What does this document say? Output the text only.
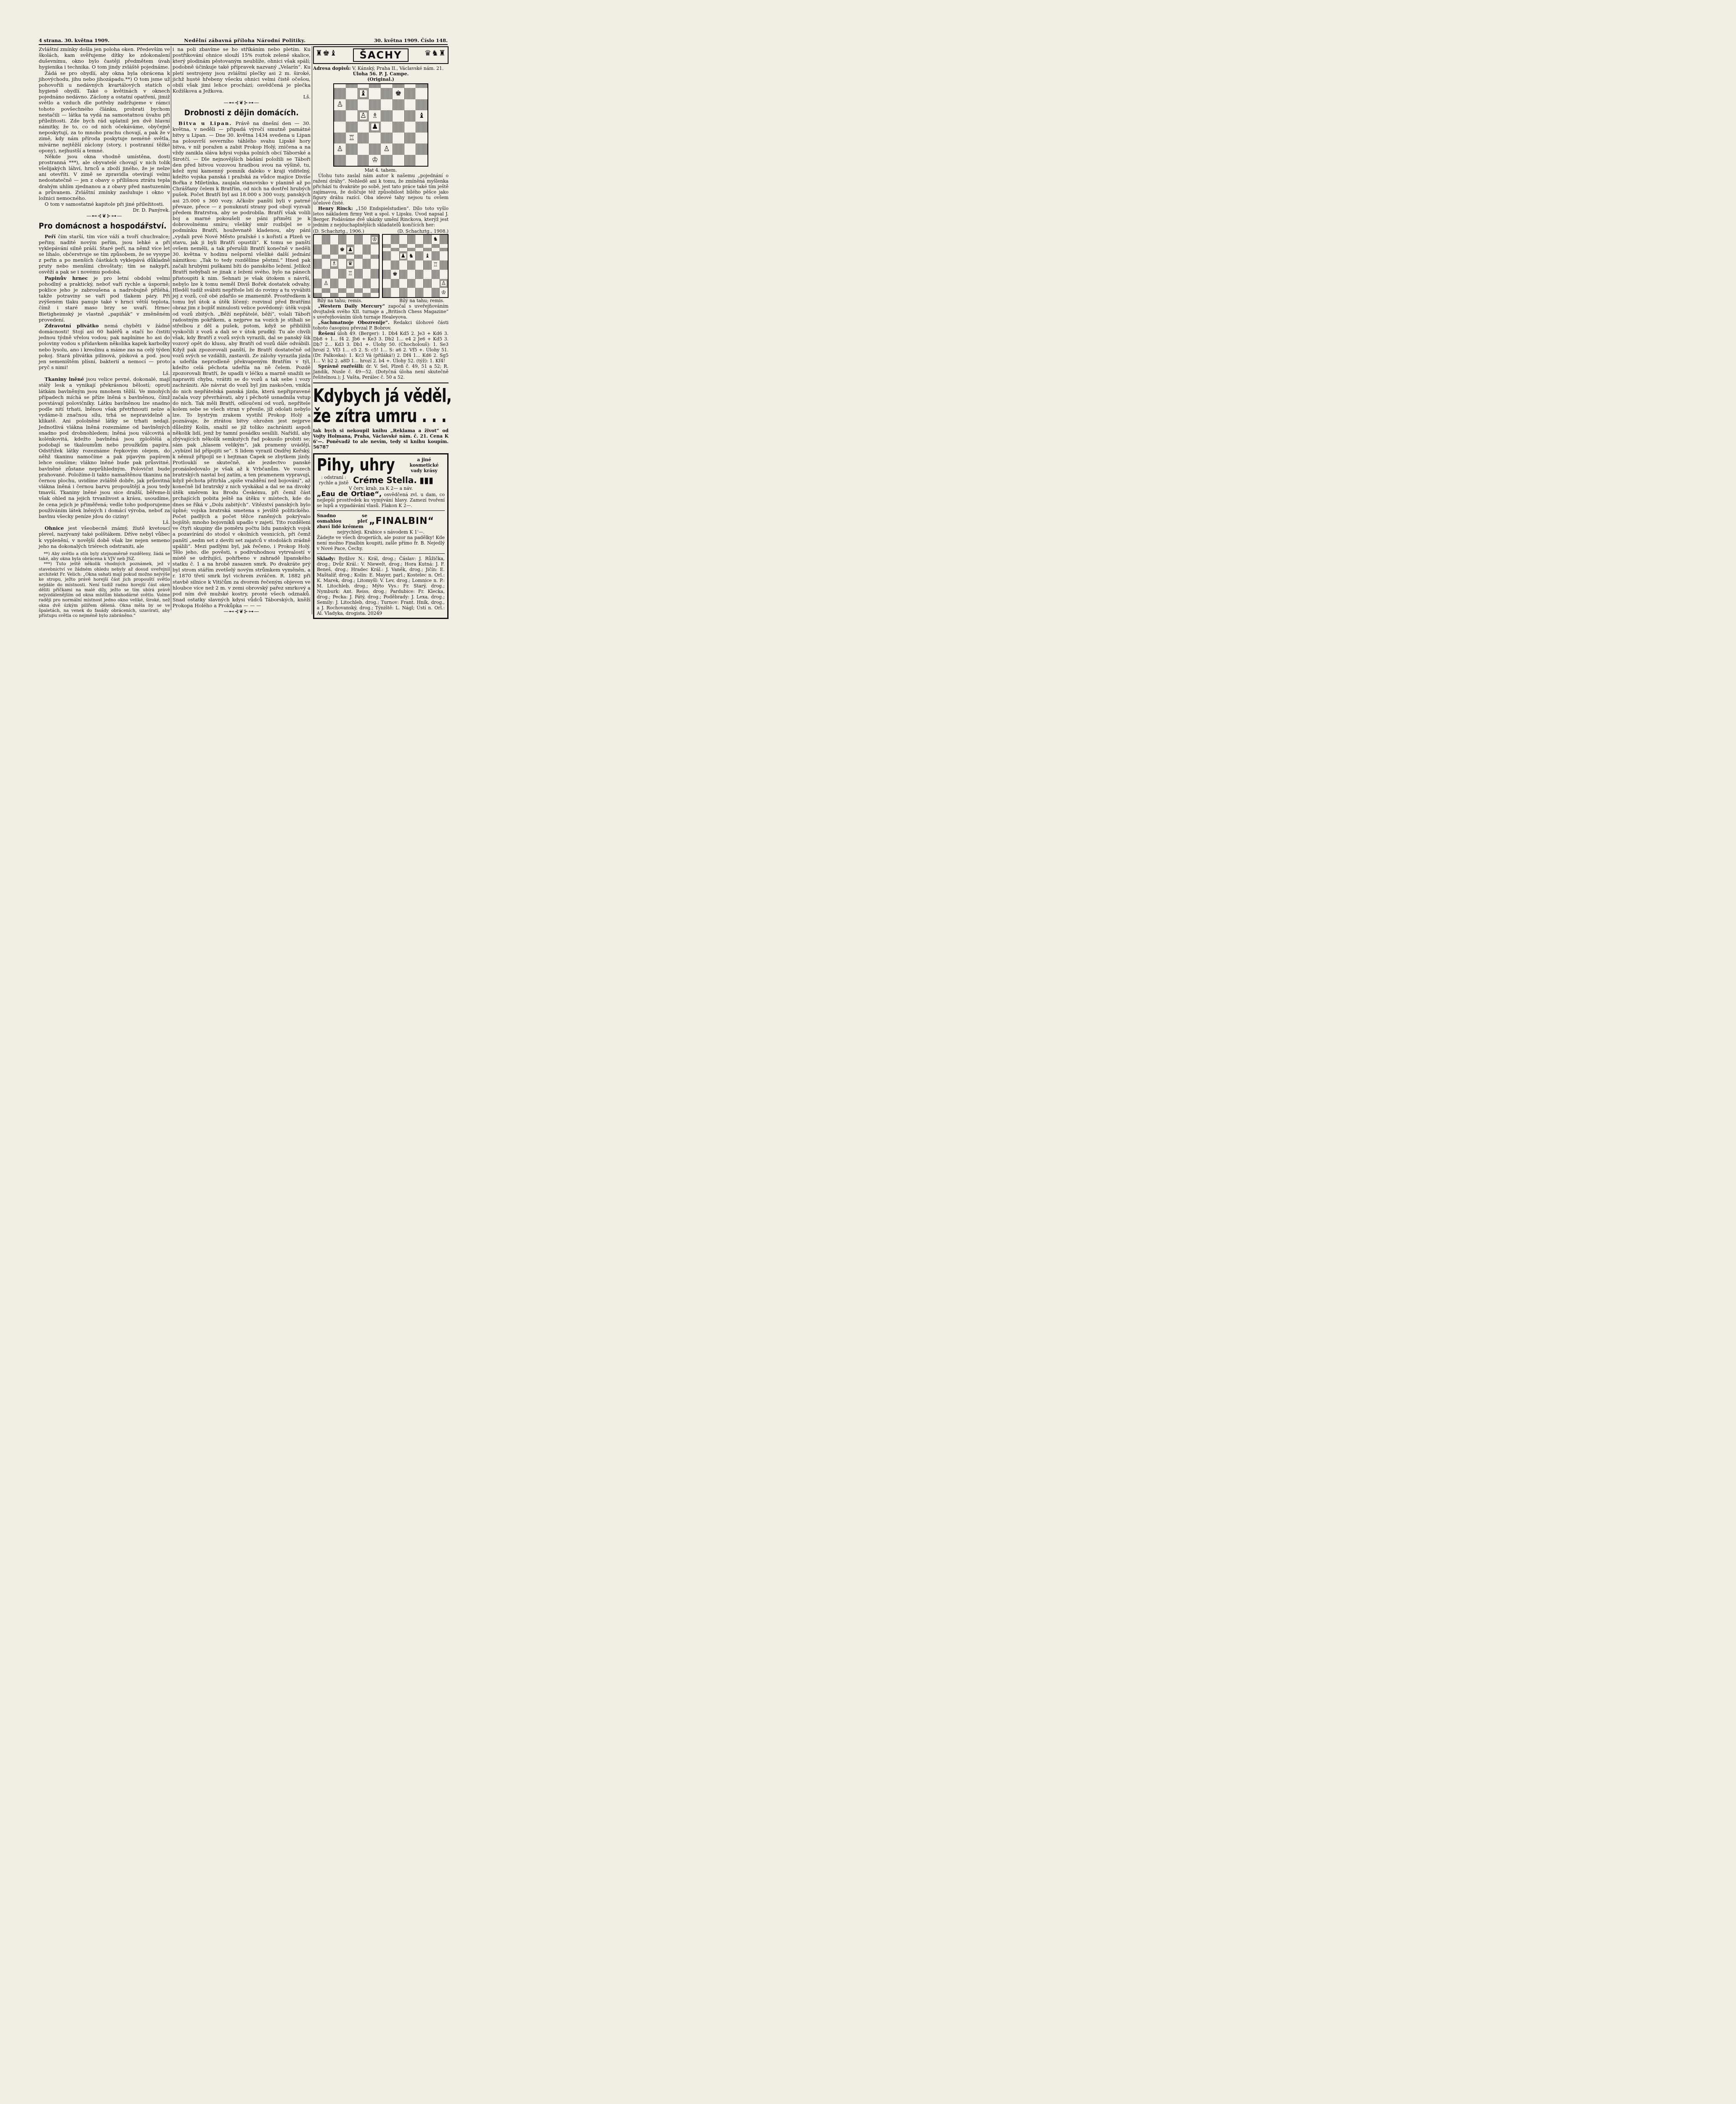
4 strana. 30. května 1909.	Nedělní zábavná příloha Národní Politiky.	30. května 1909. Číslo 148.

Zvláštní zmínky došla jen poloha oken. Především ve školách, kam svěřujeme dítky ke zdokonalení duševnímu, okno bylo častěji předmětem úvah hygienika i technika. O tom jindy zvláště pojednáme.

Žádá se pro obydlí, aby okna byla obrácena k jihovýchodu, jihu nebo jihozápadu.**) O tom jsme už pohovořili u nedávných kvartálových statích o hygieně obydlí. Také o květinách v oknech pojednáno nedávno. Záclony a ostatní opatření, jimiž světlo a vzduch dle potřeby zadržujeme v rámci tohoto povšechného článku, probrati bychom nestačili — látka ta vydá na samostatnou úvahu při příležitosti. Zde bych rád uplatnil jen dvě hlavní námitky, že to, co od nich očekáváme, obyčejně neposkytují, za to mnoho prachu chovají, a pak že v zimě, kdy nám příroda poskytuje neméně světla, mívárne nejtěžší záclony (story, i postranní těžké opony), nejhustší a temné.

Někde jsou okna vhodně umístěna, dosti prostranná ***), ale obyvatelé chovají v nich tolik všelijakých láhví, hrnců a zboží jiného, že je nelze ani otevříti. V zimě se zpravidla otevírají velmi nedostatečně — jen z obavy o přílišnou ztrátu tepla drahým uhlím zjednanou a z obavy před nastuzením a průvanem. Zvláštní zmínky zasluhuje i okno v ložnici nemocného.

O tom v samostatné kapitole při jiné příležitosti.

Dr. D. Panýrek.

—⊷⊰❦⊱⊶—

Pro domácnost a hospodářství.

Peří čím starší, tím více váží a tvoří chuchvalce; peřiny, nadité novým peřím, jsou lehké a při vyklepávání silně práší. Staré peří, na němž více let se lihalo, občerstvuje se tím způsobem, že se vysype z peřin a po menších částkách vyklepává důkladně pruty nebo menšími chvoštaty; tím se nakypří, osvěží a pak se i novému podobá.

Papinův hrnec je pro letní období velmi pohodlný a praktický, neboť vaří rychle a úsporně; poklice jeho je zabroušena a nadrobujně přiléhá, takže potraviny se vaří pod tlakem páry. Při zvýšeném tlaku panuje také v hrnci větší teplota, čímž i staré maso brzy se uvaří. Hrnec Bietigheimský je vlastně „papiňák“ v změněném provedení.

Zdravotní plivátko nemá chyběti v žádné domácnosti! Stojí asi 60 haléřů a stačí ho čistiti jednou týdně vřelou vodou; pak naplníme ho asi do poloviny vodou s přídavkem několika kapek karbolky nebo lysolu, ano i kreolinu a máme zas na celý týden pokoj. Stará plivátka pilinová, písková a pod. jsou jen semeništěm plísní, bakterií a nemocí — proto pryč s nimi!

Lš.

Tkaniny lněné jsou velice pevné, dokonalé, mají stálý lesk a vynikají překrásnou bělostí; oproti látkám bavlněným jsou mnohem těžší. Ve mnohých případech míchá se příze lněná s bavlněnou, čímž povstávají polovičníky. Látku bavlněnou lze snadno podle nití trhati, lněnou však přetrhnouti nelze a vydáme-li značnou sílu, trhá se nepravidelně a klikatě. Ani pololněné látky se trhati nedají. Jednotlivá vlákna lněná rozeznáme od bavlněných snadno pod drobnohledem; lněná jsou válcovitá a kolénkovitá, kdežto bavlněná jsou zploštělá a podobají se tkaloumům nebo proužkům papíru. Odstřižek látky rozeznáme řepkovým olejem, do něhž tkaninu namočíme a pak pijavým papírem lehce osušíme; vlákno lněné bude pak průsvitné, bavlněné zůstane neprůhledným. Polovičnt bude prahované. Položíme-li takto namaštěnou tkaninu na černou plochu, uvidíme zvláště dobře, jak průsvitná vlákna lněná i černou barvu propouštějí a jsou tedy tmavší. Tkaniny lněné jsou sice dražší, běřeme-li však ohled na jejich trvanlivost a krásu, usoudíme, že cena jejich je přiměřená; vedle toho podporujeme používáním látek lněných i domácí výroba, neboť za bavlnu všecky peníze jdou do ciziny!

Lš.

Ohnice jest všeobecně známý, žlutě kvetoucí plevel, nazývaný také polštákem. Dříve nebyl vůbec k vyplenění, v novější době však lze nejen semeno jeho na dokonalých triérech odstraniti, ale

**) Aby světlo a stín byly stejnoměrně rozděleny, žádá se také, aby okna byla obrácena k VJV neb JSZ.

***) Tuto ještě několik vhodných poznámek, jež v stavebnictví ve žádném ohledu nebyly až dosud uveřejnil architekt Fr. Velich: „Okna sahati mají pokud možno nejvýše ke stropu, ježto právě horejší část jich propouští světlo nejdále do místnosti. Není tudíž radno horejší část oken děliti příčkami na malé díly, ježto se tím ubírá právě nejvzdálenějším od okna místům blahodárné světlo. Volme raději pro normální místnost jedno okno veliké, široké, než okna dvě úzkým pilířem dělená. Okna měla by se ve špaletách, na venek do fasády obráceních, uzavírati, aby přístupu světla co nejméně bylo zabráněno.“

i na poli zbavíme se ho stříkáním nebo pletím. Ku postřikování ohnice slouží 15% roztok zelené skalice, který plodinám pěstovaným neublíže, ohnici však spálí; podobně účinkuje také přípravek nazvaný „Velarín“. Ku pletí sestrojeny jsou zvláštní plečky asi 2 m. široké, jichž husté hřebeny všecku ohnici velmi čistě očešou, obilí však jimi lehce prochází; osvědčená je plečka Kožiškova a Ježkova.

Lš.

—⊷⊰❦⊱⊶—

Drobnosti z dějin domácích.

Bitva u Lipan. Právě na dnešní den — 30. května, v neděli — připadá výročí smutně památné bitvy u Lipan. — Dne 30. května 1434 svedena u Lipan na polouvrší severního táhlého svahu Lipské hory bitva, v níž poražen a zabit Prokop Holý, zničena a na vždy zanikla sláva kdysi vojska polních obcí Táborské a Sirotčí. — Dle nejnovějších bádání položili se Táboři den před bitvou vozovou hradbou svou na výšině, tu, kdež nyní kamenný pomník daleko v kraji viditelný, kdežto vojska panská i pražská za vůdce majíce Diviše Bořka z Miletínka, zaujala stanovisko v planině až po Chrášťany čelem k Bratřím, od nich na dostřel hrubých pušek. Počet Bratří byl asi 18.000 s 300 vozy, panských asi 25.000 s 360 vozy. Ačkoliv panští byli v patrné převaze, přece — z ponuknutí strany pod obojí vyzvali předem Bratrstva, aby se podrobila. Bratří však volili boj a marné pokoušeli se páni přiměti je k dobrovolnému smíru; všeliký smír rozbíjel se o podmínku Bratří, houževnatě kladenou, aby páni „vydali prvé Nové Město pražské i s kořistí a Plzeň ve stavu, jak ji byli Bratří opustili“. K tomu se panští ovšem neměli, a tak přerušili Bratří konečně v neděli 30. května v hodinu nešpornl všeliké další jednání námitkou: „Tak to tedy rozdělíme pěstmi.“ Hned pak začali hrubými puškami bíti do panského ležení. Jelikož Bratří nebýbali se jinak z ležení svého, bylo na pánech přistoupiti k nim. Sehnati je však útokem s návrší, nebylo lze k tomu neměl Diviš Bořek dostatek odvahy. Hleděl tudíž svábiti nepřítele lstí do roviny a tu vyvábiti jej z vozů, což obé zdařilo se znamenitě. Prostředkem k tomu byl útok a útěk líčený; rozvinul před Bratřími obraz jim z bojišť minulosti velice povědomý: útěk vojsk od vozů zbitých. „Běží nepřátelé, běží“, volali Táboři radostným pokřikem, a nejprve na vozích je stíhali se střelbou z děl a pušek, potom, když se přiblížili vyskočili z vozů a dali se v útok prudký. Tu ale chvíli však, kdy Bratří z vozů svých vyrazili, dal se panský šik vozový opět do klusu, aby Bratři od vozů dále odvábili. Když pak zpozorovali panští, že Bratří dostatečně od vozů svých se vzdálili, zastavili. Ze zálohy vyrazila jízda a udeřila neprodleně překvapeným Bratřím v týl, kdežto celá pěchota udeřila na ně čelem. Pozdě zpozorovali Bratří, že upadli v léčku a marně snažili se napraviti chybu, vrátiti se do vozů a tak sebe i vozy zachrániti. Ale návrat do vozů byl jim zaskočen, vnikla do nich nepřátelská panská jízda, která nepřipravené začala vozy převrhávati, aby i pěchotě usnadnila vstup do nich. Tak měli Bratří, odloučení od vozů, nepřítele kolem sebe se všech stran v přesile, jíž odolati nebylo lze. To bystrým zrakem vystihl Prokop Holý a poznávaje, že ztrátou bitvy ohrožen jest nejprve důležitý Kolín, snažil se jíž toliko zachrániti aspoň několik lidí, jenž by tamní posádku sesílili. Nařídil, aby zbývajících několik semkutých řad pokusilo probiti se; sám pak „hlasem velikým“, jak prameny uvádějí, „vybízel lid přípojiti se“. S lidem vyrazil Ondřej Keřský, k němuž připojil se i hejtman Čapek se zbytkem jízdy. Protlouklí se skutečně, ale jezdectvo panské pronásledovalo je však až k Vrbčanům. Ve vozech bratrských nastal boj zatím, a ten pramenem vypravují, když pěchota přitrhla „spíše vraždění než bojování“, až konečně lid bratrský z nich vyskákal a dal se na divoký útěk směrem ku Brodu Českému, při čemž část prchajících pobita ještě na útěku v místech, kde do dnes se říká v „Dolu zabitých“. Vítězství panských bylo úplné; vojska bratrská smetena s jeviště politického. Počet padlých a počet těžce raněných pokrývalo bojiště; mnoho bojovníků upadlo v zajetí. Tito rozděleni ve čtyři skupiny dle poměru počtu lidu panských vojsk a pozavírání do stodol v okolních vesnicích, při čemž panští „sedm set z devíti set zajatců v stodolách zrádně upálili“. Mezi padlými byl, jak řečeno, i Prokop Holý. Tělo jeho, dle pověsti, s podivuhodnou vytrvalostí v místě se udržující, pohřbeno v zahradě lipanského statku č. 1 a na hrobě zasazen smrk. Po dvakráte prý byl strom stářím zvetšelý novým strůmkem vyměněn, a r. 1870 třetí smrk byl vichrem zvráčen. R. 1882 při stavbě silnice k Vitičům za dvorem řečeným objeven ve hloubce více než 2 m. v zemi obrovský pařez smrkový a pod ním dvě mužské kostry, prosté všech odznaků. Snad ostatky slavných kdysi vůdců Táborských, kněží Prokopa Holého a Prokůpka — — —

—⊷⊰❦⊱⊶—

♜♚♝	ŠACHY	♛♞♜
Adresa dopisů: V. Kánský, Praha II., Václavské nám. 21.
Úloha 56. P. J. Campe.
(Original.)
♝	♚
♙
♙ ♗	♝
♟
♖
♙	♙
♔
Mat 4. tahem.

Úlohu tuto zaslal nám autor k našemu „pojednání o ražení dráhy“. Nehledě ani k tomu, že zmíněná myšlenka přichází tu dvakráte po sobě, jest tato práce také tím ještě zajímavou, že dolíčuje též způsobilost bílého pěšce jako figury dráhu razící. Oba ideové tahy nejsou tu ovšem účelové čisté.

Henry Rinck: „150 Endspielstudien“. Dílo toto vyšlo letos nákladem firmy Veit a spol. v Lipsku. Úvod napsal J. Berger. Podáváme dvě ukázky umění Rinckova, kterýž jest jedním z nejduchaplnějších skladatelů končících her:

(D. Schachztg., 1906.)	(D. Schachztg., 1908.)
♔
♚ ♟
♗ ♛
♖
♙
♞
♟ ♞ ♝
♖
♚
♙
♔
Bílý na tahu; remis.	Bílý na tahu; remis.

„Western Daily Mercury“ započal s uveřejňováním dvojtažek svého XII. turnaje a „Britisch Chess Magazine“ s uveřejňováním úloh turnaje Healeyova.

„Šachmatnoje Obozrenije“. Redakci úlohové části tohoto časopisu převzal P. Bobrov.

Řešení úloh 49. (Berger): 1. Db4 Kd5 2. Je3 + Kd6 3. Db8 + 1... f4 2. Jb6 + Ke3 3. Db2 1... e4 2 Je6 + Kd5 3. Db7 2... Kd3 3. Db1 +. Úlohy 50. (Chocholouš): 1. Se3 hrozí 2. Vf3 1... c5 2. S: c5! 1... S: a6 2. Vf5 +. Úlohy 51. (Dr. Palkoska): 1. Kc3 Vá (přiláká!) 2. Df4 1... Kd6 2. Sg5 1... V: b2 2. a8D 1... hrozí 2. b4 +. Úlohy 52. (týž): 1. Kf4!

Správně rozřešili: dr. V. Sel, Plzeň č. 49, 51 a 52; R. Jandík, Nusle č. 49—52. (Dotyčná úloha není skutečně řešitelnou.); J. Vašta, Perálec č. 50 a 52.

Kdybych já věděl,
že zítra umru . . .
tak bych si nekoupil knihu „Reklama a život“ od Vojty Holmana, Praha, Václavské nám. č. 21. Cena K 6'—. Poněvadž to ale nevím, tedy si knihu koupím. 56787
Pihy, uhry	a jiné kosmetické vady krásy
: odstraní : rychle a jistě Créme Stella. ▮▮▮
V červ. krab. za K 2— a náv.
„Eau de Ortiae“, osvědčená zvl. u dam, co nejlepší prostředek ku vymývání hlavy. Zamezí tvoření se lupů a vypadávání vlasů. Flakon K 2—.
Snadno se osmahlou pleť zbaví lidé krémem
„FINALBIN“
nejrychleji. Krabice s návodem K 1'—.
Žádejte ve všech drogeriích, ale pozor na padělky! Kde není možno Finalbin koupiti, zašle přímo fr. B. Nejedlý v Nové Pace, Čechy.
Sklady: Bydžov N.: Král, drog.; Čáslav: J. Růžička, drog.; Dvůr Král.: V. Niewelt, drog.; Hora Kutná: J. F. Beneš, drog.; Hradec Král.: J. Vaněk, drog.; Jičín: E. Maštalíř, drog.; Kolín: E. Mayer, parl.; Kostelec n. Orl.: K. Marek, drog.; Litomyšl: V. Lev, drog.; Lomnice n. P.: M. Litochleb, drog.; Mýto Vys.: Fr. Starý, drog.; Nymburk: Ant. Reiss, drog.; Pardubice: Fr. Klecka, drog.; Pecka: J. Pátý, drog.; Poděbrady: J. Lexa, drog.; Semily: J. Litochleb, drog.; Turnov: Frant. Hník, drog., a J. Rochovanský, drog.; Týniště: L. Nágl; Ústí n. Orl.: Al. Vladyka, drogista. 20249
